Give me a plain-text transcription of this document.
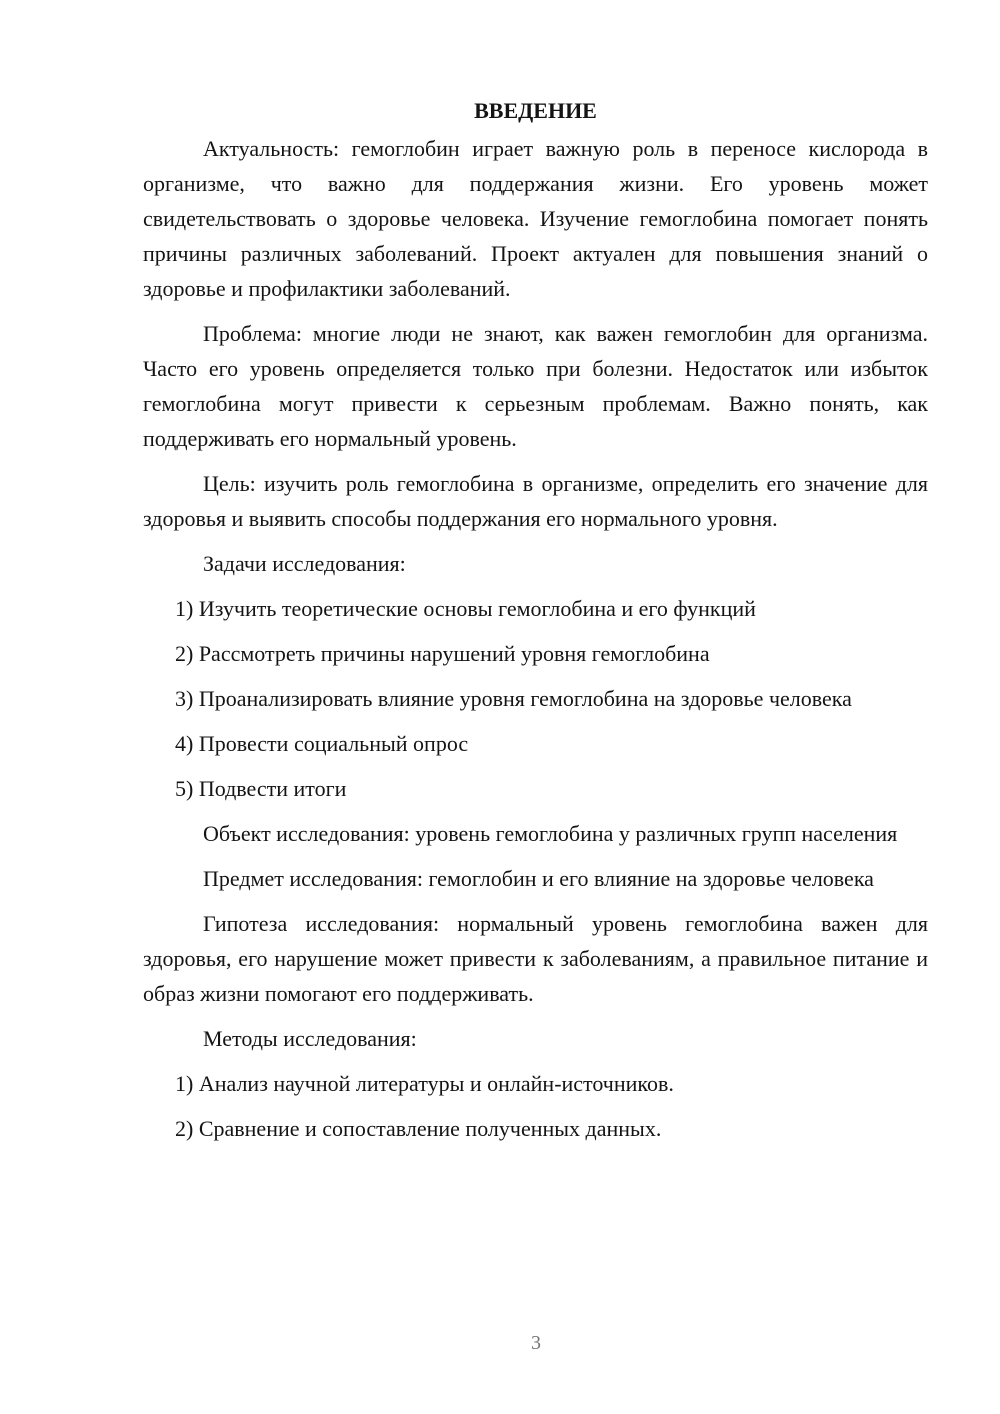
ВВЕДЕНИЕ

Актуальность: гемоглобин играет важную роль в переносе кислорода в организме, что важно для поддержания жизни. Его уровень может свидетельствовать о здоровье человека. Изучение гемоглобина помогает понять причины различных заболеваний. Проект актуален для повышения знаний о здоровье и профилактики заболеваний.

Проблема: многие люди не знают, как важен гемоглобин для организма. Часто его уровень определяется только при болезни. Недостаток или избыток гемоглобина могут привести к серьезным проблемам. Важно понять, как поддерживать его нормальный уровень.

Цель: изучить роль гемоглобина в организме, определить его значение для здоровья и выявить способы поддержания его нормального уровня.

Задачи исследования:

1) Изучить теоретические основы гемоглобина и его функций

2) Рассмотреть причины нарушений уровня гемоглобина

3) Проанализировать влияние уровня гемоглобина на здоровье человека

4) Провести социальный опрос

5) Подвести итоги

Объект исследования: уровень гемоглобина у различных групп населения

Предмет исследования: гемоглобин и его влияние на здоровье человека

Гипотеза исследования: нормальный уровень гемоглобина важен для здоровья, его нарушение может привести к заболеваниям, а правильное питание и образ жизни помогают его поддерживать.

Методы исследования:

1) Анализ научной литературы и онлайн-источников.

2) Сравнение и сопоставление полученных данных.

3
